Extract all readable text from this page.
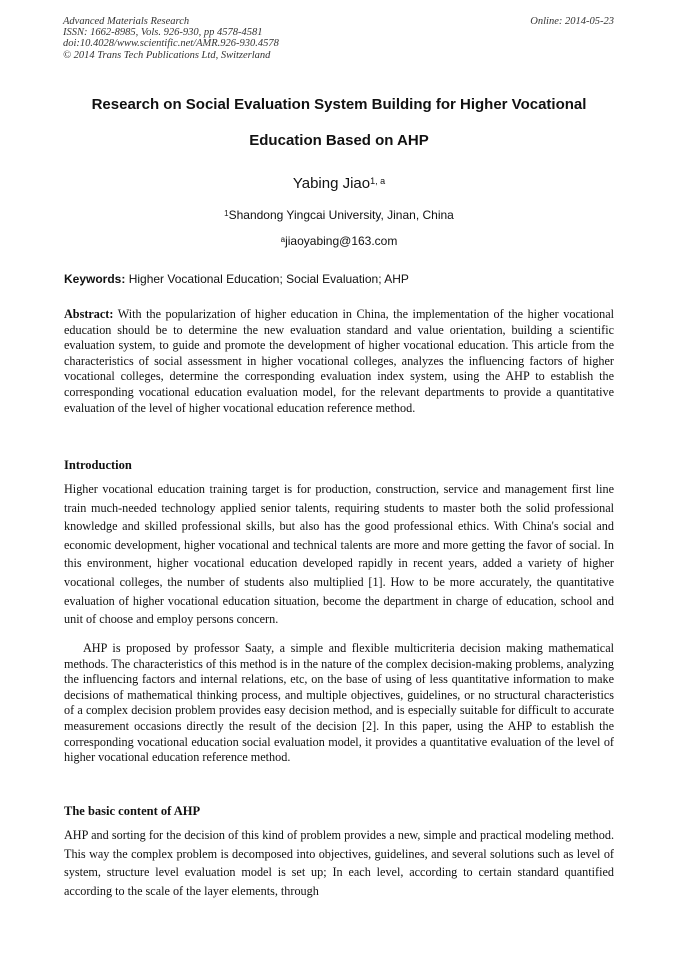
Advanced Materials Research
ISSN: 1662-8985, Vols. 926-930, pp 4578-4581
doi:10.4028/www.scientific.net/AMR.926-930.4578
© 2014 Trans Tech Publications Ltd, Switzerland
Online: 2014-05-23
Research on Social Evaluation System Building for Higher Vocational
Education Based on AHP
Yabing Jiao$^{1, a}$
$^1$Shandong Yingcai University, Jinan, China
$^a$jiaoyabing@163.com
Keywords: Higher Vocational Education; Social Evaluation; AHP
Abstract: With the popularization of higher education in China, the implementation of the higher vocational education should be to determine the new evaluation standard and value orientation, building a scientific evaluation system, to guide and promote the development of higher vocational education. This article from the characteristics of social assessment in higher vocational colleges, analyzes the influencing factors of higher vocational colleges, determine the corresponding evaluation index system, using the AHP to establish the corresponding vocational education evaluation model, for the relevant departments to provide a quantitative evaluation of the level of higher vocational education reference method.
Introduction

Higher vocational education training target is for production, construction, service and management first line train much-needed technology applied senior talents, requiring students to master both the solid professional knowledge and skilled professional skills, but also has the good professional ethics. With China's social and economic development, higher vocational and technical talents are more and more getting the favor of social. In this environment, higher vocational education developed rapidly in recent years, added a variety of higher vocational colleges, the number of students also multiplied [1]. How to be more accurately, the quantitative evaluation of higher vocational education situation, become the department in charge of education, school and unit of choose and employ persons concern.

AHP is proposed by professor Saaty, a simple and flexible multicriteria decision making mathematical methods. The characteristics of this method is in the nature of the complex decision-making problems, analyzing the influencing factors and internal relations, etc, on the base of using of less quantitative information to make decisions of mathematical thinking process, and multiple objectives, guidelines, or no structural characteristics of a complex decision problem provides easy decision method, and is especially suitable for difficult to accurate measurement occasions directly the result of the decision [2]. In this paper, using the AHP to establish the corresponding vocational education social evaluation model, it provides a quantitative evaluation of the level of higher vocational education reference method.

The basic content of AHP

AHP and sorting for the decision of this kind of problem provides a new, simple and practical modeling method. This way the complex problem is decomposed into objectives, guidelines, and several solutions such as level of system, structure level evaluation model is set up; In each level, according to certain standard quantified according to the scale of the layer elements, through
